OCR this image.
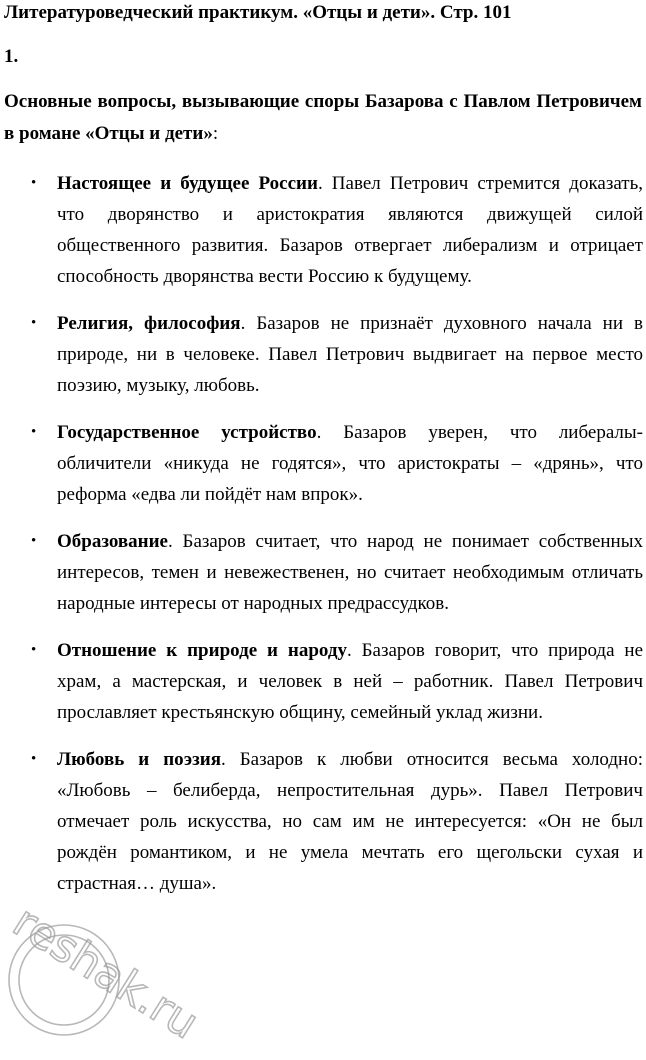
Литературоведческий практикум. «Отцы и дети». Стр. 101
1.
Основные вопросы, вызывающие споры Базарова с Павлом Петровичем в романе «Отцы и дети»:
• Настоящее и будущее России. Павел Петрович стремится доказать, что дворянство и аристократия являются движущей силой общественного развития. Базаров отвергает либерализм и отрицает способность дворянства вести Россию к будущему.
• Религия, философия. Базаров не признаёт духовного начала ни в природе, ни в человеке. Павел Петрович выдвигает на первое место поэзию, музыку, любовь.
• Государственное устройство. Базаров уверен, что либералы-обличители «никуда не годятся», что аристократы – «дрянь», что реформа «едва ли пойдёт нам впрок».
• Образование. Базаров считает, что народ не понимает собственных интересов, темен и невежественен, но считает необходимым отличать народные интересы от народных предрассудков.
• Отношение к природе и народу. Базаров говорит, что природа не храм, а мастерская, и человек в ней – работник. Павел Петрович прославляет крестьянскую общину, семейный уклад жизни.
• Любовь и поэзия. Базаров к любви относится весьма холодно: «Любовь – белиберда, непростительная дурь». Павел Петрович отмечает роль искусства, но сам им не интересуется: «Он не был рождён романтиком, и не умела мечтать его щегольски сухая и страстная… душа».
reshak.ru
